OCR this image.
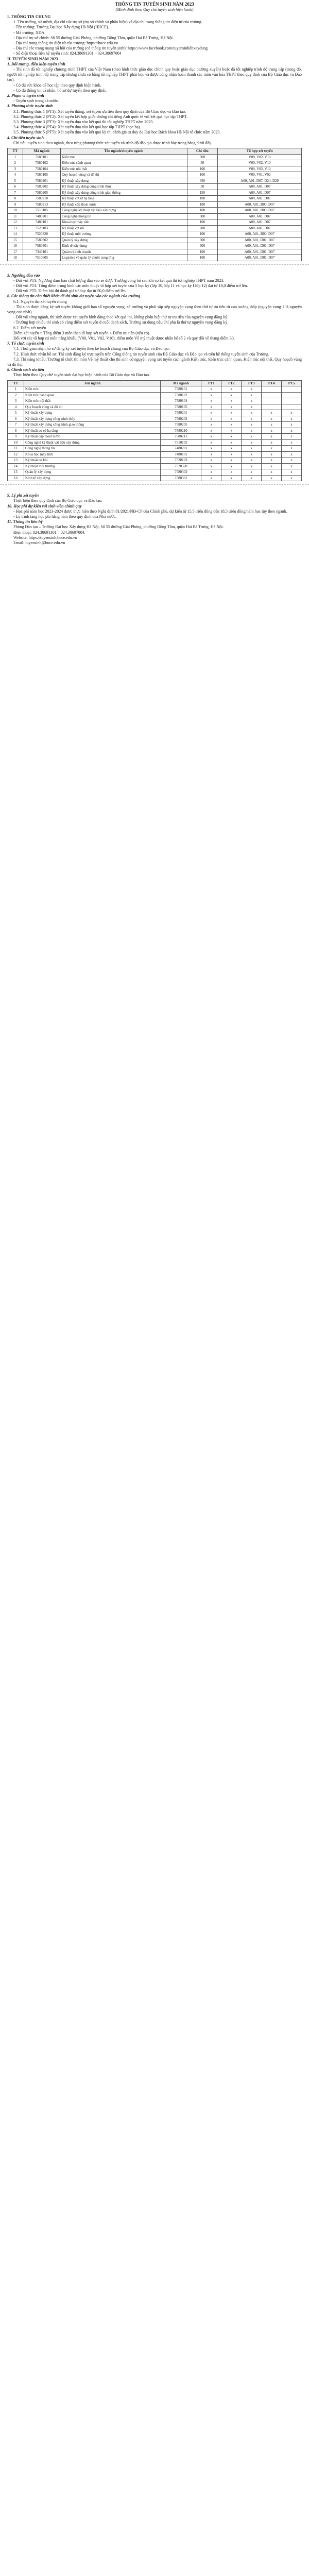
THÔNG TIN TUYỂN SINH NĂM 2023
(Minh định theo Quy chế tuyển sinh hiện hành)

I. THÔNG TIN CHUNG

1. Tên trường, sứ mệnh, địa chỉ các trụ sở (trụ sở chính và phân hiệu) và địa chỉ trang thông tin điện tử của trường.

- Tên trường: Trường Đại học Xây dựng Hà Nội (HUCE).

- Mã trường: XDA.

- Địa chỉ trụ sở chính: Số 55 đường Giải Phóng, phường Đồng Tâm, quận Hai Bà Trưng, Hà Nội.

- Địa chỉ trang thông tin điện tử của trường: https://huce.edu.vn

- Địa chỉ các trang mạng xã hội của trường (có thông tin tuyển sinh): https://www.facebook.com/tuyensinhdhxaydung

- Số điện thoại liên hệ tuyển sinh: 024.38691301 – 024.38697004

II. TUYỂN SINH NĂM 2023

1. Đối tượng, điều kiện tuyển sinh

- Thí sinh đã tốt nghiệp chương trình THPT của Việt Nam (theo hình thức giáo dục chính quy hoặc giáo dục thường xuyên) hoặc đã tốt nghiệp trình độ trung cấp (trong đó, người tốt nghiệp trình độ trung cấp nhưng chưa có bằng tốt nghiệp THPT phải học và được công nhận hoàn thành các môn văn hóa THPT theo quy định của Bộ Giáo dục và Đào tạo).

- Có đủ sức khỏe để học tập theo quy định hiện hành.

- Có đủ thông tin cá nhân, hồ sơ dự tuyển theo quy định.

2. Phạm vi tuyển sinh

- Tuyển sinh trong cả nước.

3. Phương thức tuyển sinh

3.1. Phương thức 1 (PT1): Xét tuyển thẳng, xét tuyển ưu tiên theo quy định của Bộ Giáo dục và Đào tạo.

3.2. Phương thức 2 (PT2): Xét tuyển kết hợp giữa chứng chỉ tiếng Anh quốc tế với kết quả học tập THPT.

3.3. Phương thức 3 (PT3): Xét tuyển dựa vào kết quả thi tốt nghiệp THPT năm 2023.

3.4. Phương thức 4 (PT4): Xét tuyển dựa vào kết quả học tập THPT (học bạ).

3.5. Phương thức 5 (PT5): Xét tuyển dựa vào kết quả kỳ thi đánh giá tư duy do Đại học Bách khoa Hà Nội tổ chức năm 2023.

4. Chỉ tiêu tuyển sinh

Chỉ tiêu tuyển sinh theo ngành, theo từng phương thức xét tuyển và trình độ đào tạo được trình bày trong bảng dưới đây.

TT	Mã ngành	Tên ngành/chuyên ngành	Chỉ tiêu	Tổ hợp xét tuyển
1	7580101	Kiến trúc	300	V00, V02, V10
2	7580102	Kiến trúc cảnh quan	50	V00, V02, V10
3	7580104	Kiến trúc nội thất	100	V00, V02, V10
4	7580105	Quy hoạch vùng và đô thị	100	V00, V01, V02
5	7580201	Kỹ thuật xây dựng	650	A00, A01, D07, D24, D29
6	7580202	Kỹ thuật xây dựng công trình thủy	50	A00, A01, D07
7	7580205	Kỹ thuật xây dựng công trình giao thông	150	A00, A01, D07
8	7580210	Kỹ thuật cơ sở hạ tầng	100	A00, A01, D07
9	7580213	Kỹ thuật cấp thoát nước	100	A00, A01, B00, D07
10	7510105	Công nghệ kỹ thuật vật liệu xây dựng	100	A00, A01, B00, D07
11	7480201	Công nghệ thông tin	300	A00, A01, D07
12	7480101	Khoa học máy tính	100	A00, A01, D07
13	7520103	Kỹ thuật cơ khí	200	A00, A01, D07
14	7520320	Kỹ thuật môi trường	100	A00, A01, B00, D07
15	7580302	Quản lý xây dựng	300	A00, A01, D01, D07
16	7580301	Kinh tế xây dựng	300	A00, A01, D01, D07
17	7340101	Quản trị kinh doanh	100	A00, A01, D01, D07
18	7510605	Logistics và quản lý chuỗi cung ứng	100	A00, A01, D01, D07

5. Ngưỡng đầu vào

- Đối với PT3: Ngưỡng đảm bảo chất lượng đầu vào sẽ được Trường công bố sau khi có kết quả thi tốt nghiệp THPT năm 2023.

- Đối với PT4: Tổng điểm trung bình các môn thuộc tổ hợp xét tuyển của 5 học kỳ (lớp 10, lớp 11 và học kỳ I lớp 12) đạt từ 18,0 điểm trở lên.

- Đối với PT5: Điểm bài thi đánh giá tư duy đạt từ 50,0 điểm trở lên.

6. Các thông tin cần thiết khác để thí sinh dự tuyển vào các ngành của trường

6.1. Nguyên tắc xét tuyển chung

- Thí sinh được đăng ký xét tuyển không giới hạn số nguyện vọng, số trường và phải sắp xếp nguyện vọng theo thứ tự ưu tiên từ cao xuống thấp (nguyện vọng 1 là nguyện vọng cao nhất).

- Đối với từng ngành, thí sinh được xét tuyển bình đẳng theo kết quả thi, không phân biệt thứ tự ưu tiên của nguyện vọng đăng ký.

- Trường hợp nhiều thí sinh có cùng điểm xét tuyển ở cuối danh sách, Trường sử dụng tiêu chí phụ là thứ tự nguyện vọng đăng ký.

6.2. Điểm xét tuyển

Điểm xét tuyển = Tổng điểm 3 môn theo tổ hợp xét tuyển + Điểm ưu tiên (nếu có).

Đối với các tổ hợp có môn năng khiếu (V00, V01, V02, V10), điểm môn Vẽ mỹ thuật được nhân hệ số 2 và quy đổi về thang điểm 30.

7. Tổ chức tuyển sinh

7.1. Thời gian nhận hồ sơ đăng ký xét tuyển theo kế hoạch chung của Bộ Giáo dục và Đào tạo.

7.2. Hình thức nhận hồ sơ: Thí sinh đăng ký trực tuyến trên Cổng thông tin tuyển sinh của Bộ Giáo dục và Đào tạo và trên hệ thống tuyển sinh của Trường.

7.3. Thi năng khiếu: Trường tổ chức thi môn Vẽ mỹ thuật cho thí sinh có nguyện vọng xét tuyển các ngành Kiến trúc, Kiến trúc cảnh quan, Kiến trúc nội thất, Quy hoạch vùng và đô thị.

8. Chính sách ưu tiên

Thực hiện theo Quy chế tuyển sinh đại học hiện hành của Bộ Giáo dục và Đào tạo.

TT	Tên ngành	Mã ngành	PT1	PT2	PT3	PT4	PT5
1	Kiến trúc	7580101	x	x	x		
2	Kiến trúc cảnh quan	7580102	x	x	x		
3	Kiến trúc nội thất	7580104	x	x	x		
4	Quy hoạch vùng và đô thị	7580105	x	x	x		
5	Kỹ thuật xây dựng	7580201	x	x	x	x	x
6	Kỹ thuật xây dựng công trình thủy	7580202	x	x	x	x	x
7	Kỹ thuật xây dựng công trình giao thông	7580205	x	x	x	x	x
8	Kỹ thuật cơ sở hạ tầng	7580210	x	x	x	x	x
9	Kỹ thuật cấp thoát nước	7580213	x	x	x	x	x
10	Công nghệ kỹ thuật vật liệu xây dựng	7510105	x	x	x	x	x
11	Công nghệ thông tin	7480201	x	x	x	x	x
12	Khoa học máy tính	7480101	x	x	x	x	x
13	Kỹ thuật cơ khí	7520103	x	x	x	x	x
14	Kỹ thuật môi trường	7520320	x	x	x	x	x
15	Quản lý xây dựng	7580302	x	x	x	x	x
16	Kinh tế xây dựng	7580301	x	x	x	x	x

9. Lệ phí xét tuyển

Thực hiện theo quy định của Bộ Giáo dục và Đào tạo.

10. Học phí dự kiến với sinh viên chính quy

- Học phí năm học 2023-2024 được thực hiện theo Nghị định 81/2021/NĐ-CP của Chính phủ, dự kiến từ 15,5 triệu đồng đến 18,5 triệu đồng/năm học tùy theo ngành.

- Lộ trình tăng học phí hằng năm theo quy định của Nhà nước.

11. Thông tin liên hệ

Phòng Đào tạo – Trường Đại học Xây dựng Hà Nội, Số 55 đường Giải Phóng, phường Đồng Tâm, quận Hai Bà Trưng, Hà Nội.

Điện thoại: 024.38691301 – 024.38697004.

Website: https://tuyensinh.huce.edu.vn

Email: tuyensinh@huce.edu.vn
